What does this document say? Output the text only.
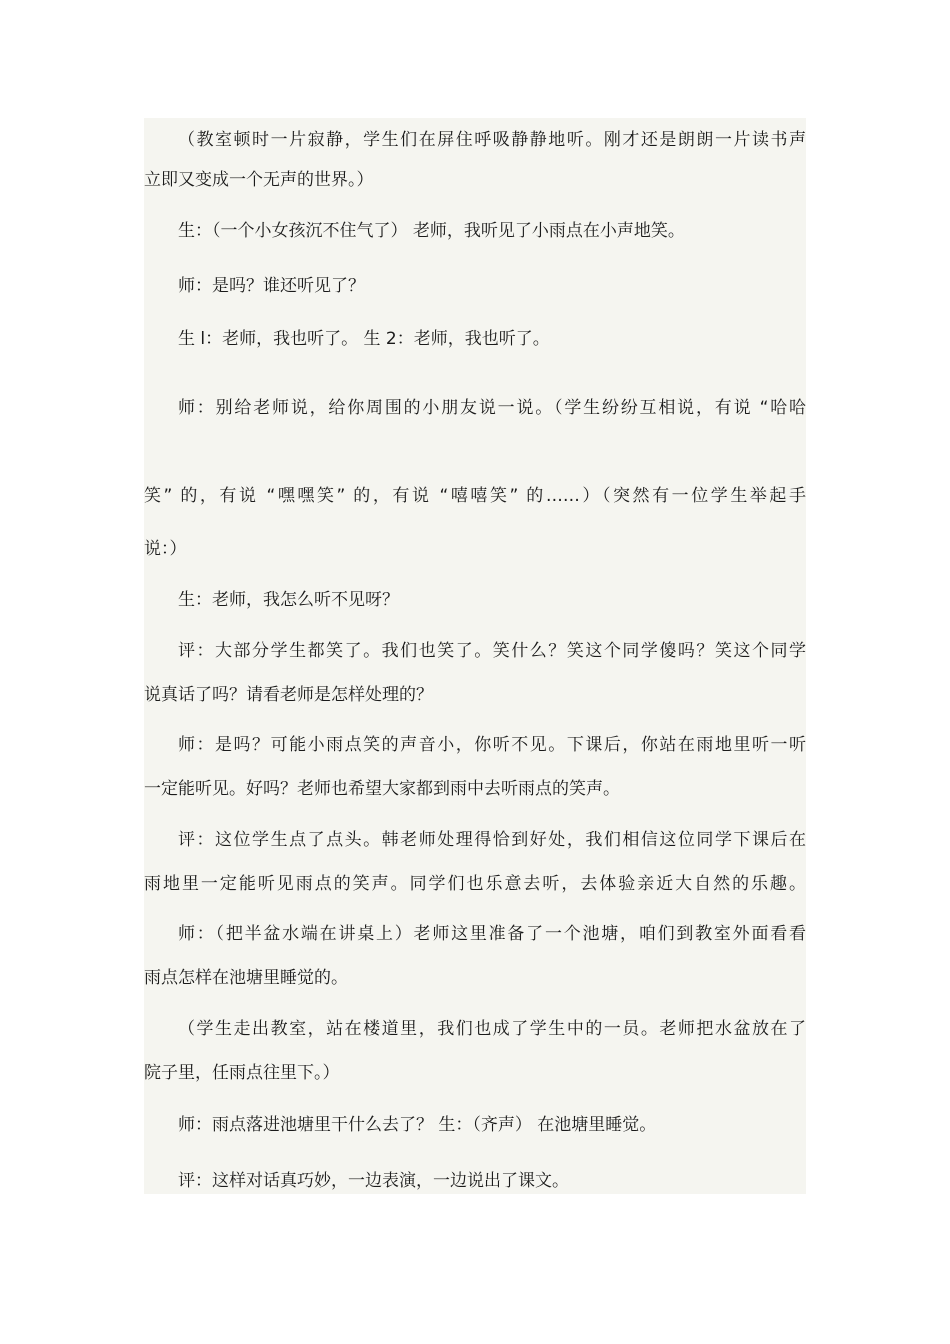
（教室顿时一片寂静，学生们在屏住呼吸静静地听。刚才还是朗朗一片读书声
立即又变成一个无声的世界。）
生：（一个小女孩沉不住气了） 老师，我听见了小雨点在小声地笑。
师：是吗？谁还听见了？
生 l：老师，我也听了。 生 2：老师，我也听了。
师：别给老师说，给你周围的小朋友说一说。（学生纷纷互相说，有说 “哈哈
笑” 的，有说 “嘿嘿笑” 的，有说 “嘻嘻笑” 的……）（突然有一位学生举起手
说：）
生：老师，我怎么听不见呀？
评：大部分学生都笑了。我们也笑了。笑什么？笑这个同学傻吗？笑这个同学
说真话了吗？请看老师是怎样处理的？
师：是吗？可能小雨点笑的声音小，你听不见。下课后，你站在雨地里听一听
一定能听见。好吗？老师也希望大家都到雨中去听雨点的笑声。
评：这位学生点了点头。韩老师处理得恰到好处，我们相信这位同学下课后在
雨地里一定能听见雨点的笑声。同学们也乐意去听，去体验亲近大自然的乐趣。
师：（把半盆水端在讲桌上）老师这里准备了一个池塘，咱们到教室外面看看
雨点怎样在池塘里睡觉的。
（学生走出教室，站在楼道里，我们也成了学生中的一员。老师把水盆放在了
院子里，任雨点往里下。）
师：雨点落进池塘里干什么去了？ 生：（齐声） 在池塘里睡觉。
评：这样对话真巧妙，一边表演，一边说出了课文。
